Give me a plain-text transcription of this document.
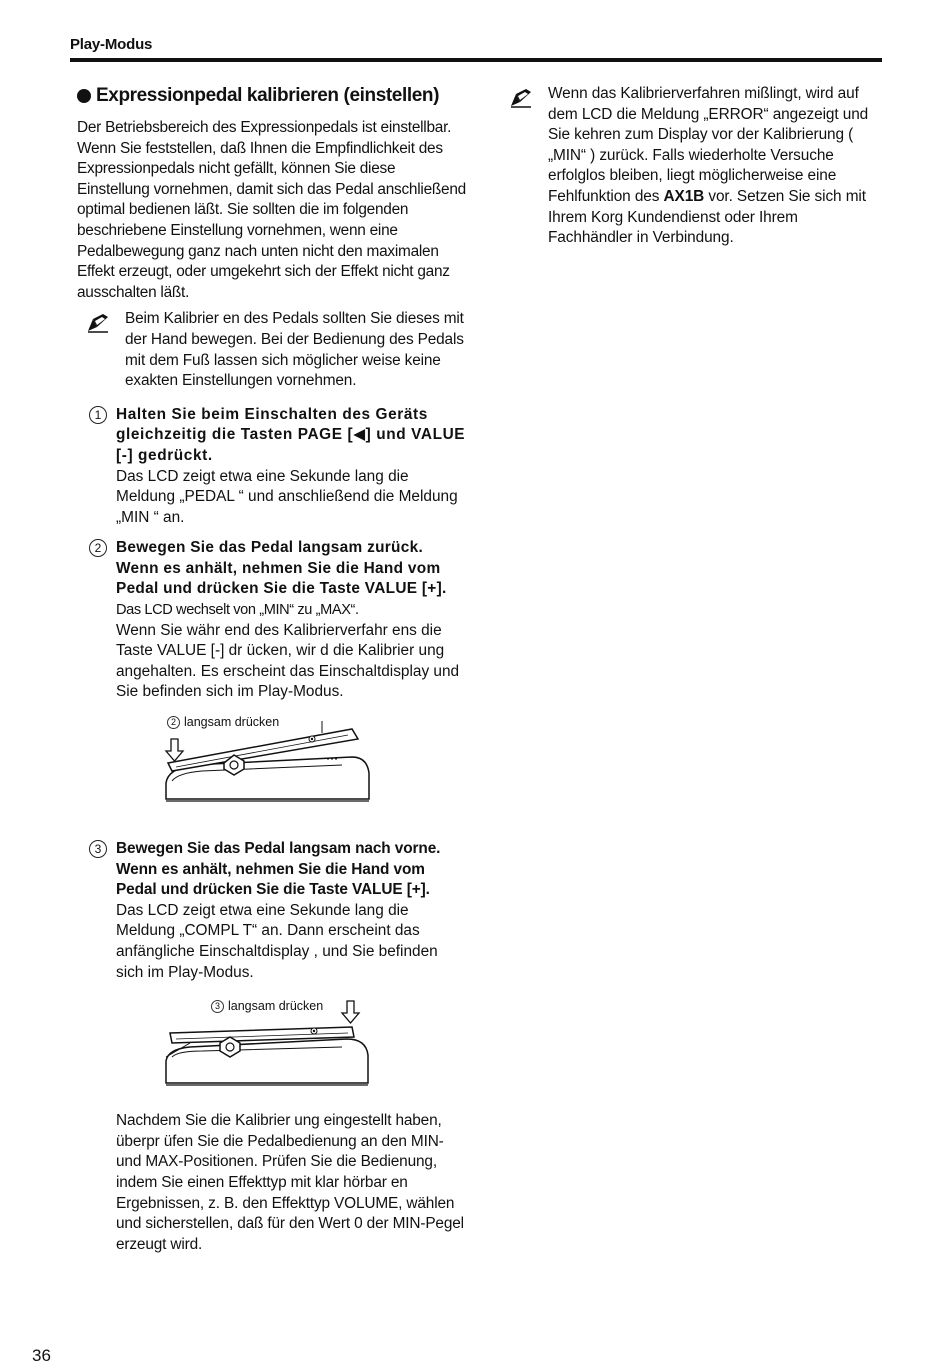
Play-Modus
Expressionpedal kalibrieren (einstellen)

Der Betriebsbereich des Expressionpedals ist einstellbar. Wenn Sie feststellen, daß Ihnen die Empfindlichkeit des Expressionpedals nicht gefällt, können Sie diese Einstellung vornehmen, damit sich das Pedal anschließend optimal bedienen läßt. Sie sollten die im folgenden beschriebene Einstellung vornehmen, wenn eine Pedalbewegung ganz nach unten nicht den maximalen Effekt erzeugt, oder umgekehrt sich der Effekt nicht ganz ausschalten läßt.

Beim Kalibrier en des Pedals sollten Sie dieses mit der Hand bewegen. Bei der Bedienung des Pedals mit dem Fuß lassen sich möglicher weise keine exakten Einstellungen vornehmen.

1 Halten Sie beim Einschalten des Geräts gleichzeitig die Tasten PAGE [◀] und VALUE [-] gedrückt.

Das LCD zeigt etwa eine Sekunde lang die Meldung „PEDAL “ und anschließend die Meldung „MIN “ an.

2 Bewegen Sie das Pedal langsam zurück. Wenn es anhält, nehmen Sie die Hand vom Pedal und drücken Sie die Taste VALUE [+].

Das LCD wechselt von „MIN“ zu „MAX“.

Wenn Sie währ end des Kalibrierverfahr ens die Taste VALUE [-] dr ücken, wir d die Kalibrier ung angehalten. Es erscheint das Einschaltdisplay und Sie befinden sich im Play-Modus.

2 langsam drücken
3 Bewegen Sie das Pedal langsam nach vorne. Wenn es anhält, nehmen Sie die Hand vom Pedal und drücken Sie die Taste VALUE [+].

Das LCD zeigt etwa eine Sekunde lang die Meldung „COMPL T“ an. Dann erscheint das anfängliche Einschaltdisplay , und Sie befinden sich im Play-Modus.

3 langsam drücken

Nachdem Sie die Kalibrier ung eingestellt haben, überpr üfen Sie die Pedalbedienung an den MIN- und MAX-Positionen. Prüfen Sie die Bedienung, indem Sie einen Effekttyp mit klar hörbar en Ergebnissen, z. B. den Effekttyp VOLUME, wählen und sicherstellen, daß für den Wert 0 der MIN-Pegel erzeugt wird.

Wenn das Kalibrierverfahren mißlingt, wird auf dem LCD die Meldung „ERROR“ angezeigt und Sie kehren zum Display vor der Kalibrierung ( „MIN“ ) zurück. Falls wiederholte Versuche erfolglos bleiben, liegt möglicherweise eine Fehlfunktion des AX1B vor. Setzen Sie sich mit Ihrem Korg Kundendienst oder Ihrem Fachhändler in Verbindung.

36
